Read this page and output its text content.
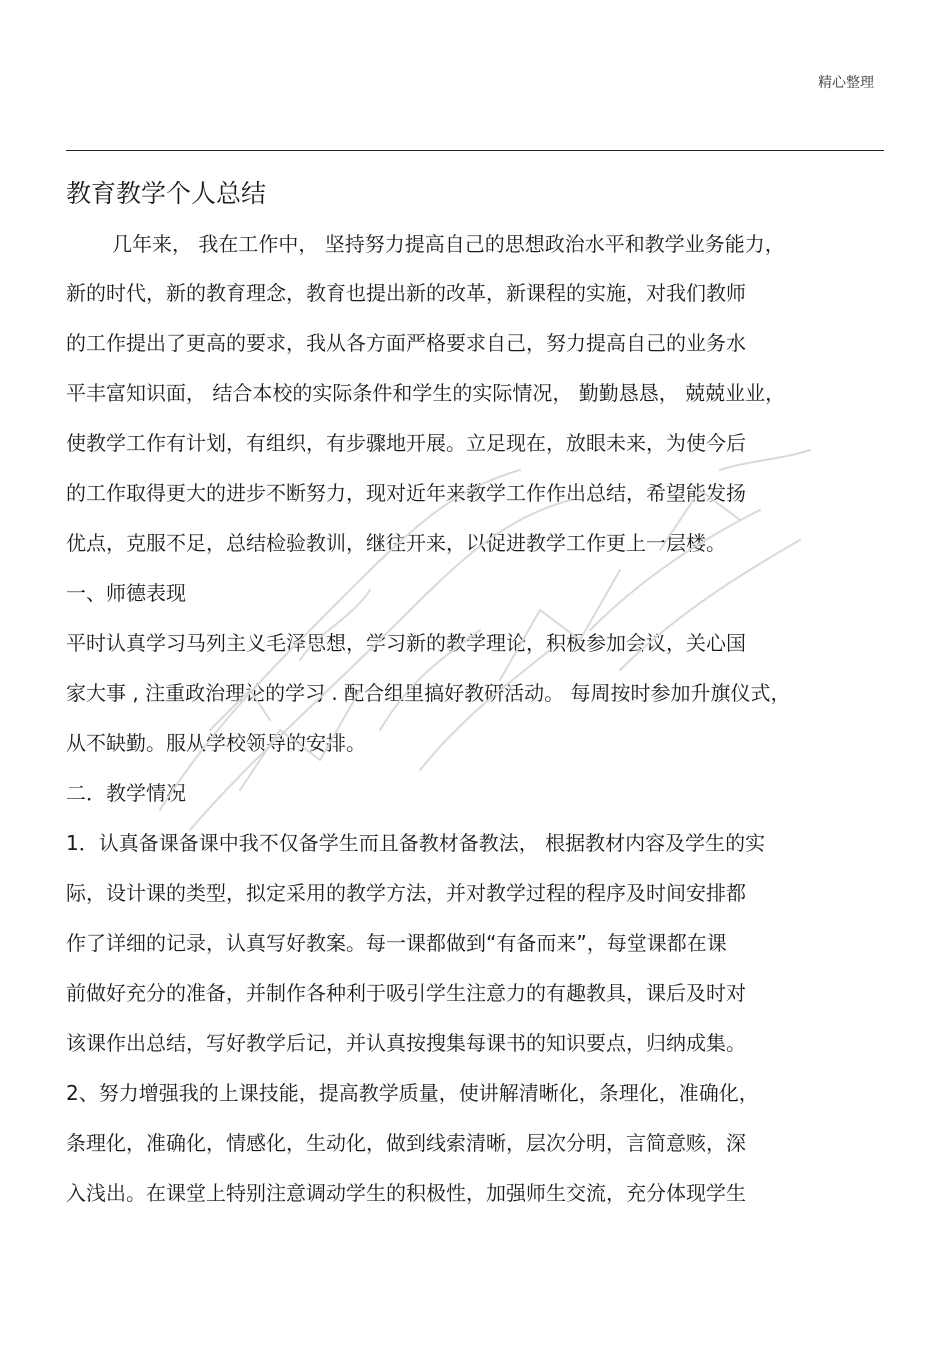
精心整理
教育教学个人总结
几年来， 我在工作中， 坚持努力提高自己的思想政治水平和教学业务能力，
新的时代，新的教育理念，教育也提出新的改革，新课程的实施，对我们教师
的工作提出了更高的要求，我从各方面严格要求自己，努力提高自己的业务水
平丰富知识面， 结合本校的实际条件和学生的实际情况， 勤勤恳恳， 兢兢业业，
使教学工作有计划，有组织，有步骤地开展。立足现在，放眼未来，为使今后
的工作取得更大的进步不断努力，现对近年来教学工作作出总结，希望能发扬
优点，克服不足，总结检验教训，继往开来，以促进教学工作更上一层楼。
一、师德表现
平时认真学习马列主义毛泽思想，学习新的教学理论，积极参加会议，关心国
家大事 , 注重政治理论的学习 . 配合组里搞好教研活动。 每周按时参加升旗仪式，
从不缺勤。服从学校领导的安排。
二．教学情况
1．认真备课备课中我不仅备学生而且备教材备教法， 根据教材内容及学生的实
际，设计课的类型，拟定采用的教学方法，并对教学过程的程序及时间安排都
作了详细的记录，认真写好教案。每一课都做到“有备而来”，每堂课都在课
前做好充分的准备，并制作各种利于吸引学生注意力的有趣教具，课后及时对
该课作出总结，写好教学后记，并认真按搜集每课书的知识要点，归纳成集。
2、努力增强我的上课技能，提高教学质量，使讲解清晰化，条理化，准确化，
条理化，准确化，情感化，生动化，做到线索清晰，层次分明，言简意赅，深
入浅出。在课堂上特别注意调动学生的积极性，加强师生交流，充分体现学生
